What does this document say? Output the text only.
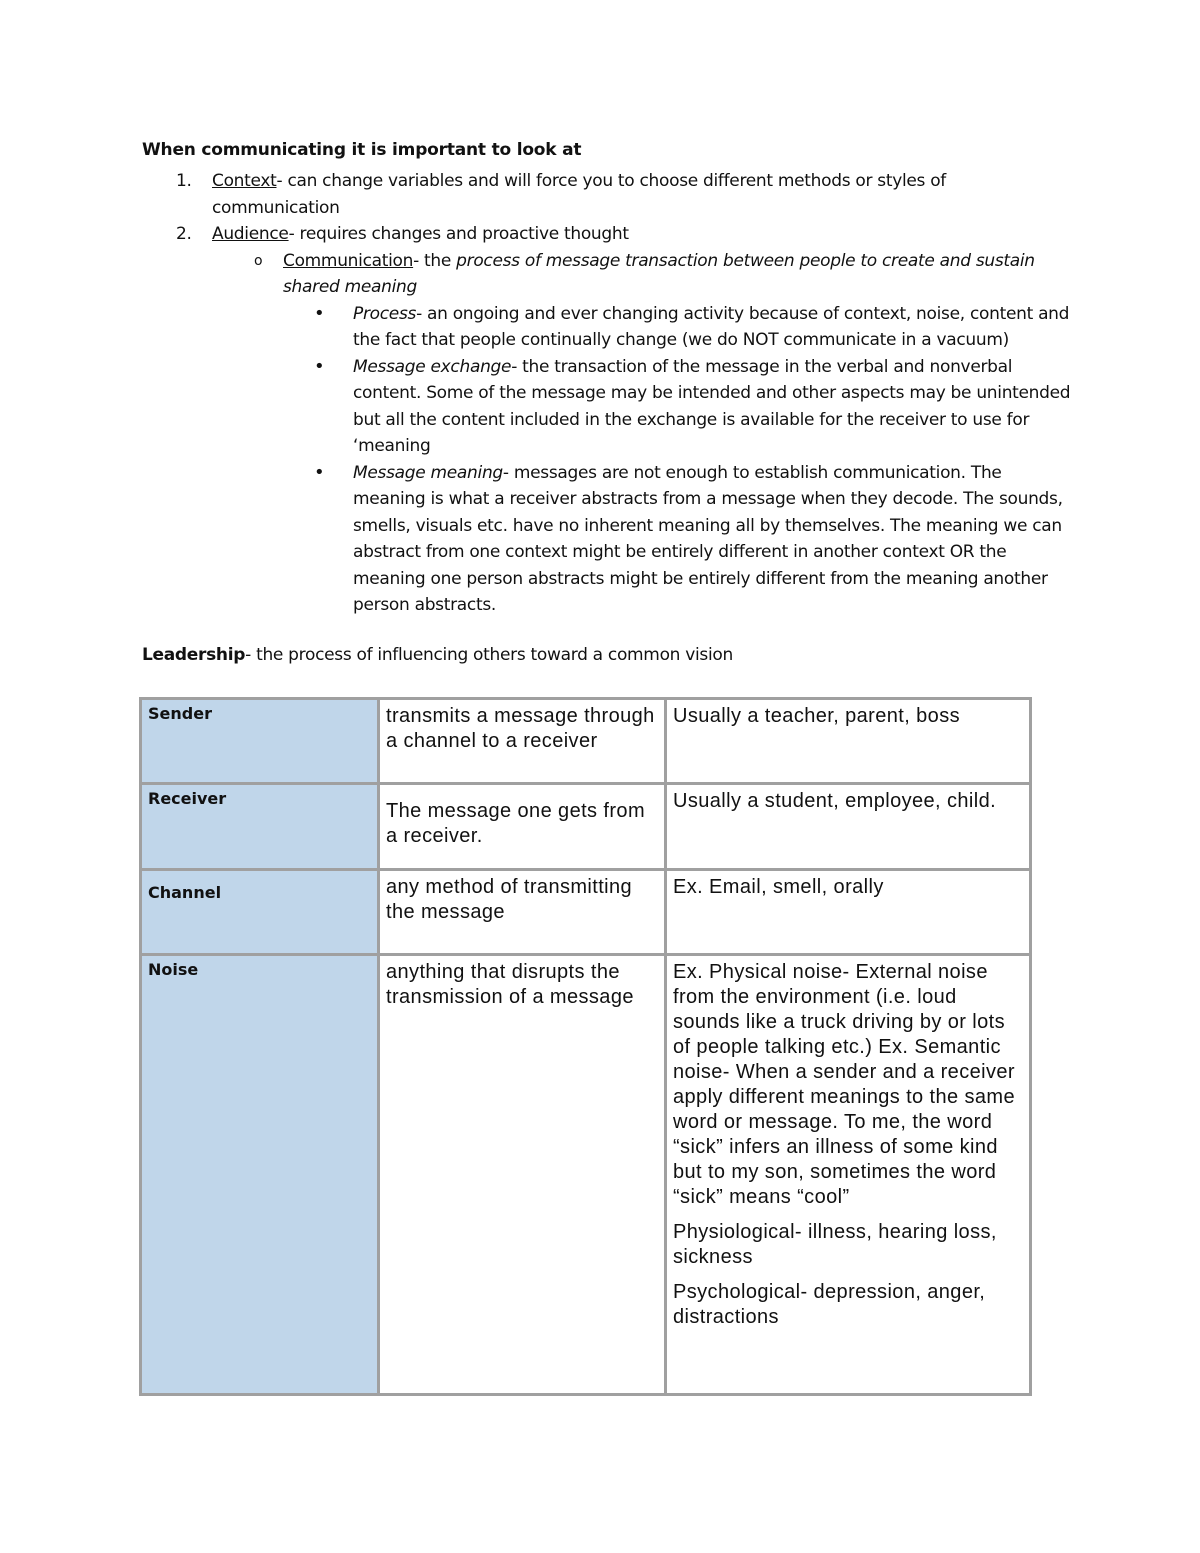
When communicating it is important to look at
1. Context- can change variables and will force you to choose different methods or styles of communication
2. Audience- requires changes and proactive thought
o Communication- the process of message transaction between people to create and sustain shared meaning
• Process- an ongoing and ever changing activity because of context, noise, content and the fact that people continually change (we do NOT communicate in a vacuum)
• Message exchange- the transaction of the message in the verbal and nonverbal content. Some of the message may be intended and other aspects may be unintended but all the content included in the exchange is available for the receiver to use for ‘meaning
• Message meaning- messages are not enough to establish communication. The meaning is what a receiver abstracts from a message when they decode. The sounds, smells, visuals etc. have no inherent meaning all by themselves. The meaning we can abstract from one context might be entirely different in another context OR the meaning one person abstracts might be entirely different from the meaning another person abstracts.
Leadership- the process of influencing others toward a common vision
Sender	transmits a message through a channel to a receiver	Usually a teacher, parent, boss

Receiver	The message one gets from a receiver.	Usually a student, employee, child.

Channel	any method of transmitting the message	Ex. Email, smell, orally

Noise	anything that disrupts the transmission of a message	Ex. Physical noise- External noise from the environment (i.e. loud sounds like a truck driving by or lots of people talking etc.) Ex. Semantic noise- When a sender and a receiver apply different meanings to the same word or message. To me, the word “sick” infers an illness of some kind but to my son, sometimes the word “sick” means “cool”

Physiological- illness, hearing loss, sickness

Psychological- depression, anger, distractions
